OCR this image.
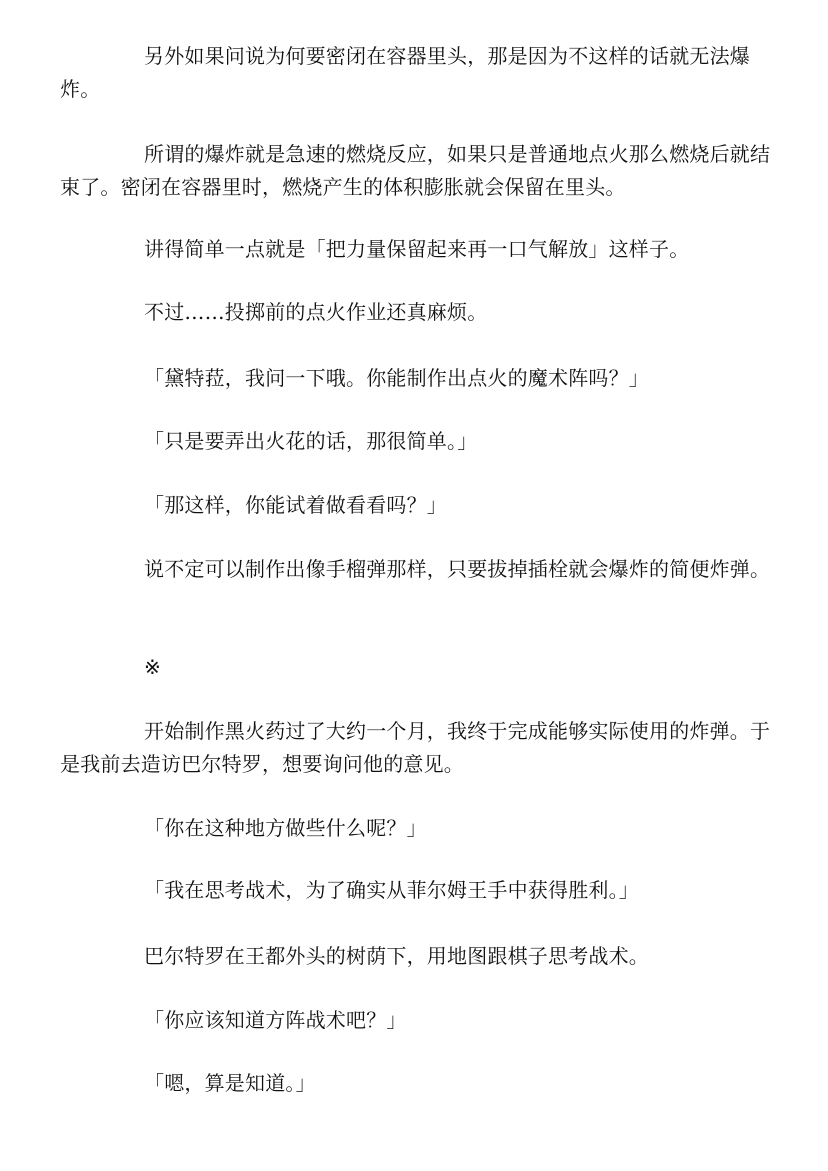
另外如果问说为何要密闭在容器里头，那是因为不这样的话就无法爆炸。

所谓的爆炸就是急速的燃烧反应，如果只是普通地点火那么燃烧后就结束了。密闭在容器里时，燃烧产生的体积膨胀就会保留在里头。

讲得简单一点就是「把力量保留起来再一口气解放」这样子。

不过……投掷前的点火作业还真麻烦。

「黛特菈，我问一下哦。你能制作出点火的魔术阵吗？」

「只是要弄出火花的话，那很简单。」

「那这样，你能试着做看看吗？」

说不定可以制作出像手榴弹那样，只要拔掉插栓就会爆炸的简便炸弹。

※

开始制作黑火药过了大约一个月，我终于完成能够实际使用的炸弹。于是我前去造访巴尔特罗，想要询问他的意见。

「你在这种地方做些什么呢？」

「我在思考战术，为了确实从菲尔姆王手中获得胜利。」

巴尔特罗在王都外头的树荫下，用地图跟棋子思考战术。

「你应该知道方阵战术吧？」

「嗯，算是知道。」
